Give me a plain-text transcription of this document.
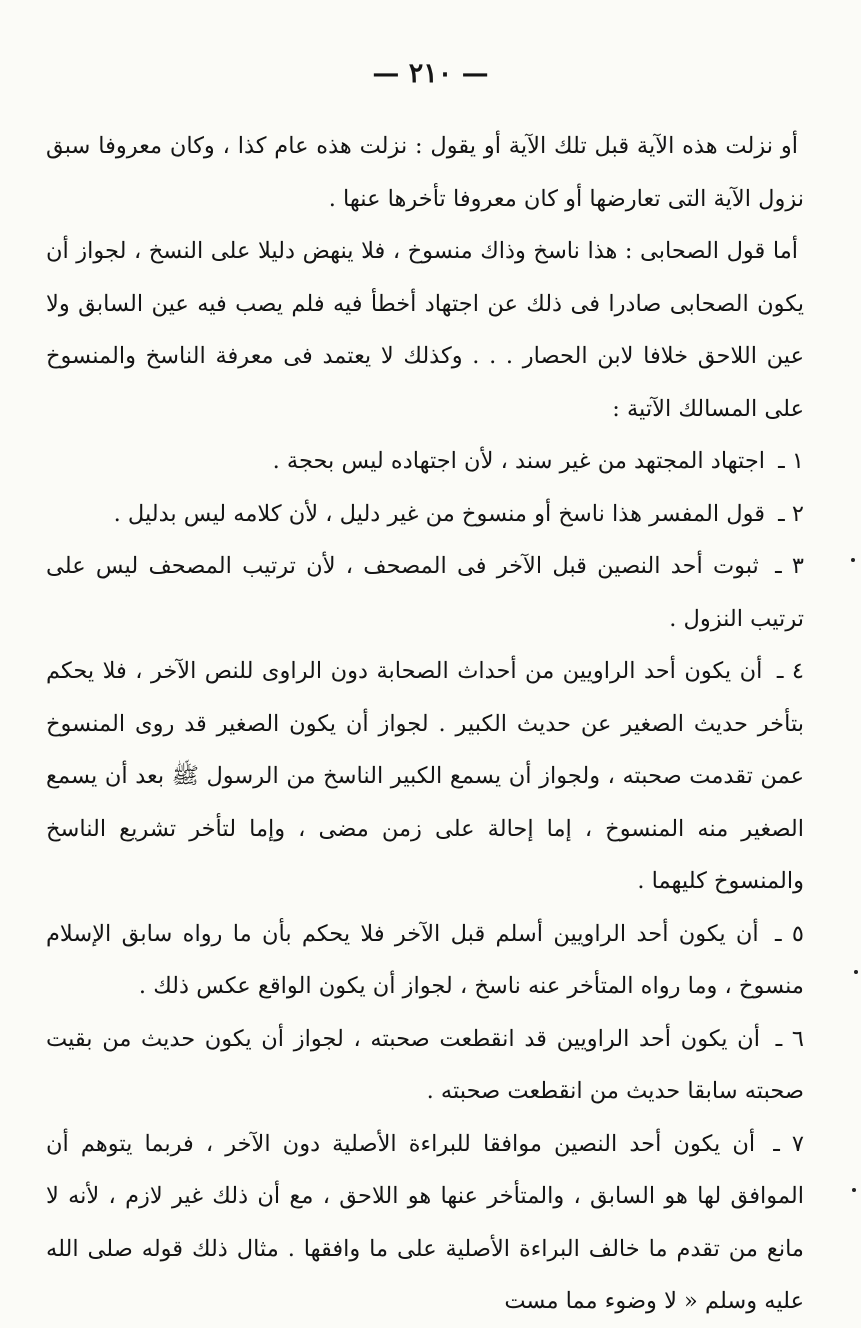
— ٢١٠ —

أو نزلت هذه الآية قبل تلك الآية أو يقول : نزلت هذه عام كذا ، وكان معروفا سبق نزول الآية التى تعارضها أو كان معروفا تأخرها عنها .

أما قول الصحابى : هذا ناسخ وذاك منسوخ ، فلا ينهض دليلا على النسخ ، لجواز أن يكون الصحابى صادرا فى ذلك عن اجتهاد أخطأ فيه فلم يصب فيه عين السابق ولا عين اللاحق خلافا لابن الحصار . . . وكذلك لا يعتمد فى معرفة الناسخ والمنسوخ على المسالك الآتية :

١ ـ اجتهاد المجتهد من غير سند ، لأن اجتهاده ليس بحجة .

٢ ـ قول المفسر هذا ناسخ أو منسوخ من غير دليل ، لأن كلامه ليس بدليل .

٣ ـ ثبوت أحد النصين قبل الآخر فى المصحف ، لأن ترتيب المصحف ليس على ترتيب النزول .

٤ ـ أن يكون أحد الراويين من أحداث الصحابة دون الراوى للنص الآخر ، فلا يحكم بتأخر حديث الصغير عن حديث الكبير . لجواز أن يكون الصغير قد روى المنسوخ عمن تقدمت صحبته ، ولجواز أن يسمع الكبير الناسخ من الرسول ﷺ بعد أن يسمع الصغير منه المنسوخ ، إما إحالة على زمن مضى ، وإما لتأخر تشريع الناسخ والمنسوخ كليهما .

٥ ـ أن يكون أحد الراويين أسلم قبل الآخر فلا يحكم بأن ما رواه سابق الإسلام منسوخ ، وما رواه المتأخر عنه ناسخ ، لجواز أن يكون الواقع عكس ذلك .

٦ ـ أن يكون أحد الراويين قد انقطعت صحبته ، لجواز أن يكون حديث من بقيت صحبته سابقا حديث من انقطعت صحبته .

٧ ـ أن يكون أحد النصين موافقا للبراءة الأصلية دون الآخر ، فربما يتوهم أن الموافق لها هو السابق ، والمتأخر عنها هو اللاحق ، مع أن ذلك غير لازم ، لأنه لا مانع من تقدم ما خالف البراءة الأصلية على ما وافقها . مثال ذلك قوله صلى الله عليه وسلم « لا وضوء مما مست
